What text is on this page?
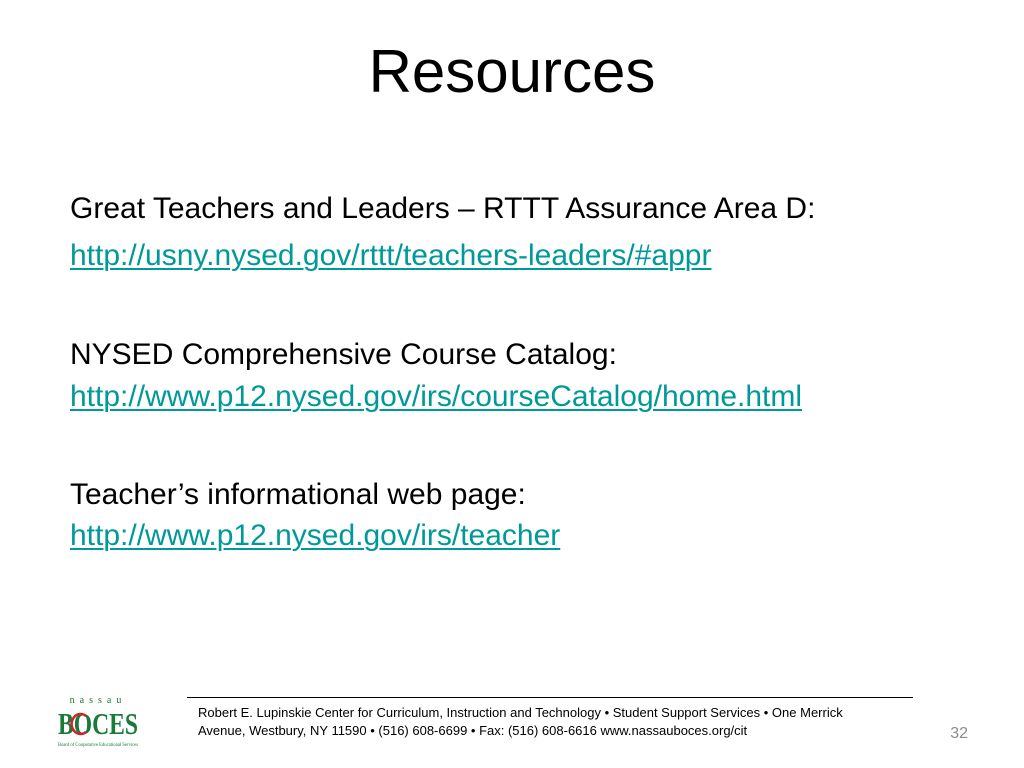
Resources

Great Teachers and Leaders – RTTT Assurance Area D:

http://usny.nysed.gov/rttt/teachers-leaders/#appr

NYSED Comprehensive Course Catalog:

http://www.p12.nysed.gov/irs/courseCatalog/home.html

Teacher’s informational web page:

http://www.p12.nysed.gov/irs/teacher

nassau
BOCES
Board of Cooperative Educational Services

Robert E. Lupinskie Center for Curriculum, Instruction and Technology • Student Support Services • One Merrick
Avenue, Westbury, NY 11590 • (516) 608-6699 • Fax: (516) 608-6616 www.nassauboces.org/cit	32
